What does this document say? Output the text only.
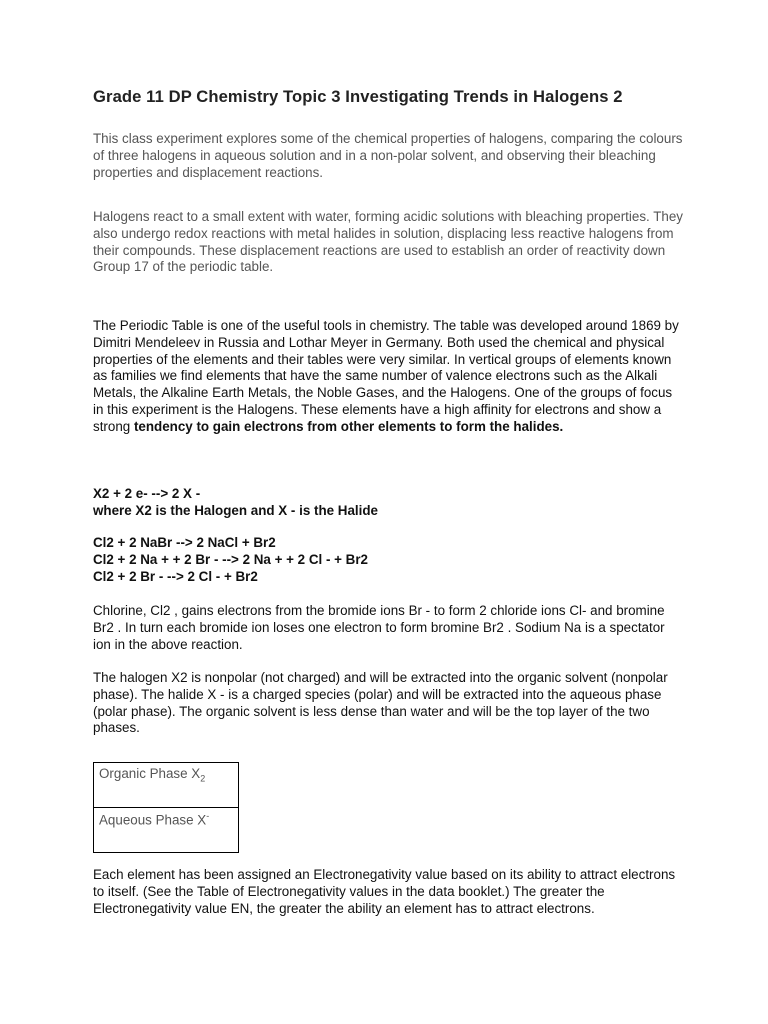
Grade 11 DP Chemistry Topic 3 Investigating Trends in Halogens 2

This class experiment explores some of the chemical properties of halogens, comparing the colours of three halogens in aqueous solution and in a non-polar solvent, and observing their bleaching properties and displacement reactions.

Halogens react to a small extent with water, forming acidic solutions with bleaching properties. They also undergo redox reactions with metal halides in solution, displacing less reactive halogens from their compounds. These displacement reactions are used to establish an order of reactivity down Group 17 of the periodic table.

The Periodic Table is one of the useful tools in chemistry. The table was developed around 1869 by Dimitri Mendeleev in Russia and Lothar Meyer in Germany. Both used the chemical and physical properties of the elements and their tables were very similar. In vertical groups of elements known as families we find elements that have the same number of valence electrons such as the Alkali Metals, the Alkaline Earth Metals, the Noble Gases, and the Halogens. One of the groups of focus in this experiment is the Halogens. These elements have a high affinity for electrons and show a strong tendency to gain electrons from other elements to form the halides.

X2 + 2 e- --> 2 X -
where X2 is the Halogen and X - is the Halide
Cl2 + 2 NaBr --> 2 NaCl + Br2
Cl2 + 2 Na + + 2 Br - --> 2 Na + + 2 Cl - + Br2
Cl2 + 2 Br - --> 2 Cl - + Br2

Chlorine, Cl2 , gains electrons from the bromide ions Br - to form 2 chloride ions Cl- and bromine Br2 . In turn each bromide ion loses one electron to form bromine Br2 . Sodium Na is a spectator ion in the above reaction.

The halogen X2 is nonpolar (not charged) and will be extracted into the organic solvent (nonpolar phase). The halide X - is a charged species (polar) and will be extracted into the aqueous phase (polar phase). The organic solvent is less dense than water and will be the top layer of the two phases.

Organic Phase $X_2$
Aqueous Phase X-

Each element has been assigned an Electronegativity value based on its ability to attract electrons to itself. (See the Table of Electronegativity values in the data booklet.) The greater the Electronegativity value EN, the greater the ability an element has to attract electrons.
